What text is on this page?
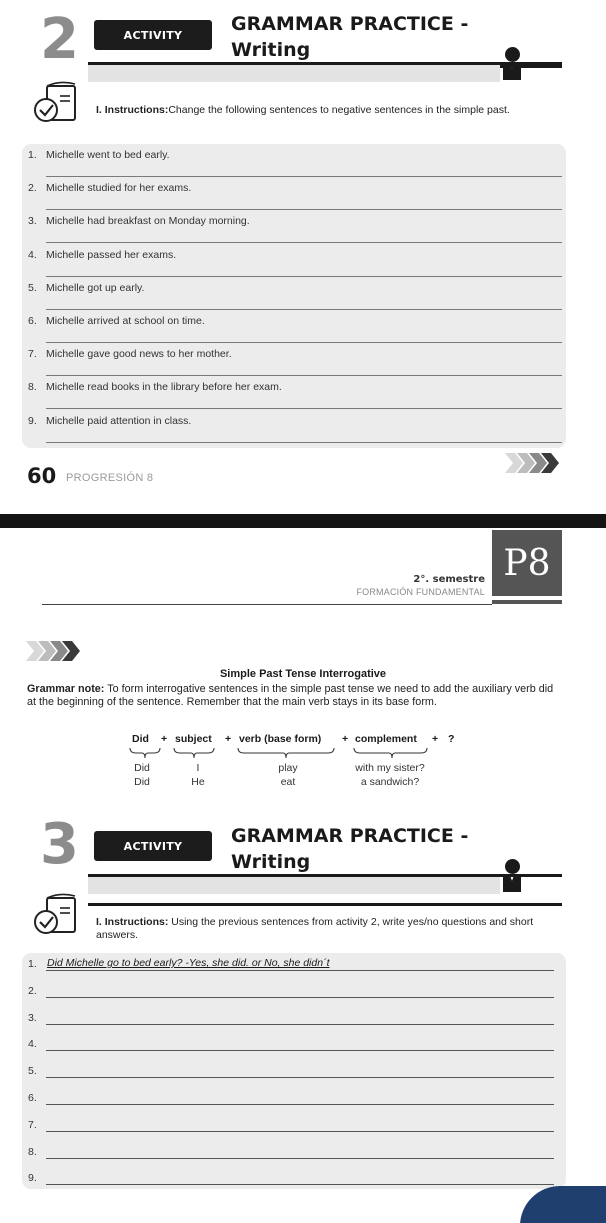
2	ACTIVITY	GRAMMAR PRACTICE -
Writing
I. Instructions:Change the following sentences to negative sentences in the simple past.
1. Michelle went to bed early.
2. Michelle studied for her exams.
3. Michelle had breakfast on Monday morning.
4. Michelle passed her exams.
5. Michelle got up early.
6. Michelle arrived at school on time.
7. Michelle gave good news to her mother.
8. Michelle read books in the library before her exam.
9. Michelle paid attention in class.
60 PROGRESIÓN 8
P8
2°. semestre
FORMACIÓN FUNDAMENTAL
Simple Past Tense Interrogative
Grammar note: To form interrogative sentences in the simple past tense we need to add the auxiliary verb did at the beginning of the sentence. Remember that the main verb stays in its base form.
Did + subject + verb (base form) + complement + ?
Did	I	play	with my sister?
Did	He	eat	a sandwich?
3	ACTIVITY	GRAMMAR PRACTICE -
Writing
I. Instructions: Using the previous sentences from activity 2, write yes/no questions and short answers.
Did Michelle go to bed early? -Yes, she did. or No, she didn´t
1.
2.
3.
4.
5.
6.
7.
8.
9.
